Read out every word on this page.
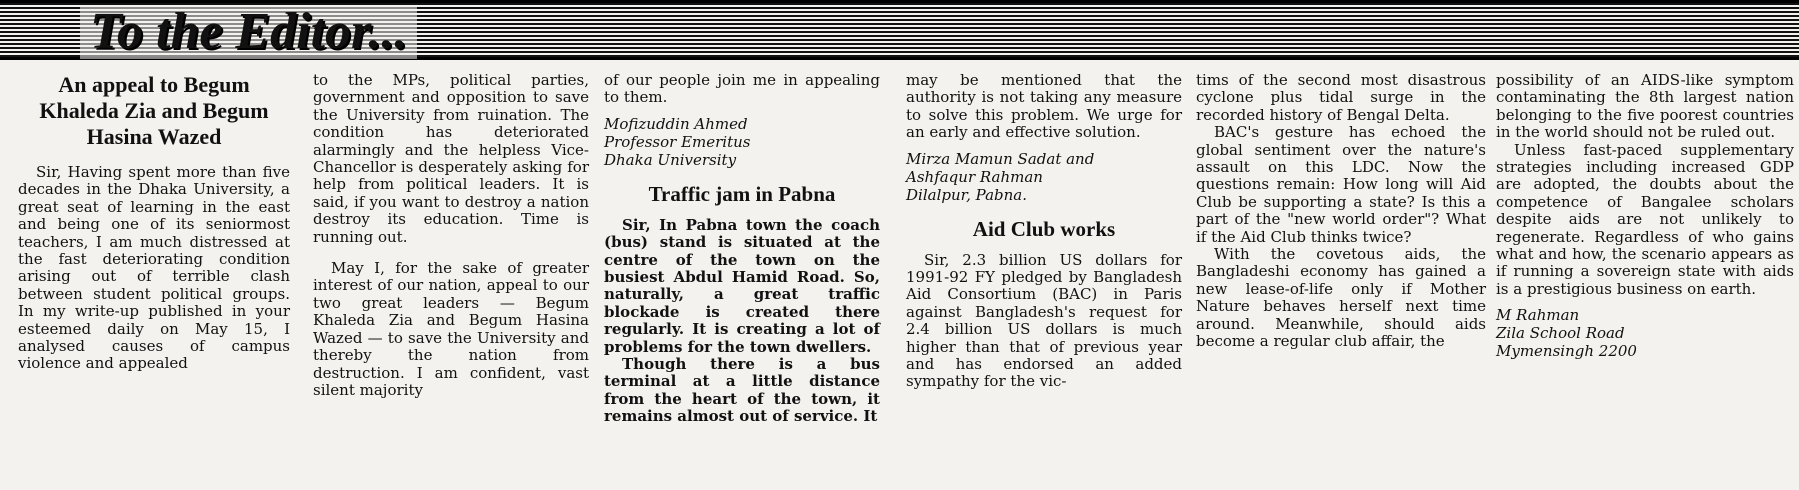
To the Editor...
An appeal to Begum Khaleda Zia and Begum Hasina Wazed

Sir, Having spent more than five decades in the Dhaka University, a great seat of learning in the east and being one of its seniormost teachers, I am much distressed at the fast deteriorating condition arising out of terrible clash between student political groups. In my write-up published in your esteemed daily on May 15, I analysed causes of campus violence and appealed

to the MPs, political parties, government and opposition to save the University from ruination. The condition has deteriorated alarmingly and the helpless Vice-Chancellor is desperately asking for help from political leaders. It is said, if you want to destroy a nation destroy its education. Time is running out.

May I, for the sake of greater interest of our nation, appeal to our two great leaders — Begum Khaleda Zia and Begum Hasina Wazed — to save the University and thereby the nation from destruction. I am confident, vast silent majority

of our people join me in appealing to them.

Mofizuddin Ahmed
Professor Emeritus
Dhaka University
Traffic jam in Pabna

Sir, In Pabna town the coach (bus) stand is situated at the centre of the town on the busiest Abdul Hamid Road. So, naturally, a great traffic blockade is created there regularly. It is creating a lot of problems for the town dwellers.

Though there is a bus terminal at a little distance from the heart of the town, it remains almost out of service. It

may be mentioned that the authority is not taking any measure to solve this problem. We urge for an early and effective solution.

Mirza Mamun Sadat and
Ashfaqur Rahman
Dilalpur, Pabna.
Aid Club works

Sir, 2.3 billion US dollars for 1991-92 FY pledged by Bangladesh Aid Consortium (BAC) in Paris against Bangladesh's request for 2.4 billion US dollars is much higher than that of previous year and has endorsed an added sympathy for the vic-

tims of the second most disastrous cyclone plus tidal surge in the recorded history of Bengal Delta.

BAC's gesture has echoed the global sentiment over the nature's assault on this LDC. Now the questions remain: How long will Aid Club be supporting a state? Is this a part of the "new world order"? What if the Aid Club thinks twice?

With the covetous aids, the Bangladeshi economy has gained a new lease-of-life only if Mother Nature behaves herself next time around. Meanwhile, should aids become a regular club affair, the

possibility of an AIDS-like symptom contaminating the 8th largest nation belonging to the five poorest countries in the world should not be ruled out.

Unless fast-paced supplementary strategies including increased GDP are adopted, the doubts about the competence of Bangalee scholars despite aids are not unlikely to regenerate. Regardless of who gains what and how, the scenario appears as if running a sovereign state with aids is a prestigious business on earth.

M Rahman
Zila School Road
Mymensingh 2200
